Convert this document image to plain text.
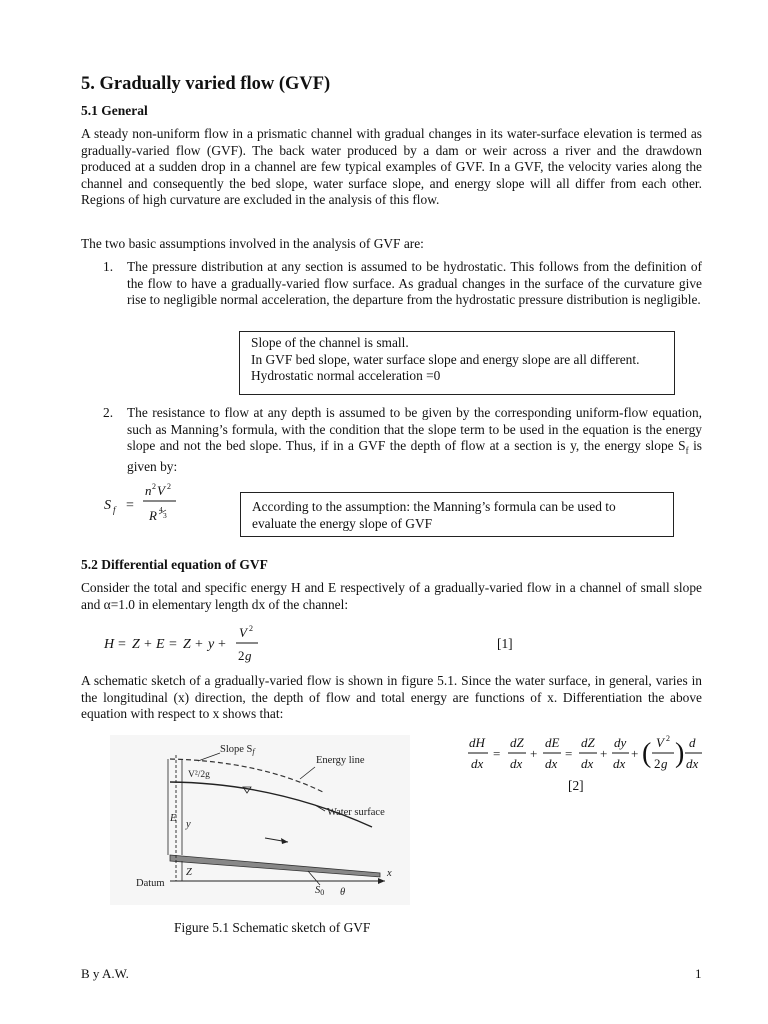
5. Gradually varied flow (GVF)
5.1 General
A steady non-uniform flow in a prismatic channel with gradual changes in its water-surface elevation is termed as gradually-varied flow (GVF). The back water produced by a dam or weir across a river and the drawdown produced at a sudden drop in a channel are few typical examples of GVF. In a GVF, the velocity varies along the channel and consequently the bed slope, water surface slope, and energy slope will all differ from each other. Regions of high curvature are excluded in the analysis of this flow.
The two basic assumptions involved in the analysis of GVF are:
1. The pressure distribution at any section is assumed to be hydrostatic. This follows from the definition of the flow to have a gradually-varied flow surface. As gradual changes in the surface of the curvature give rise to negligible normal acceleration, the departure from the hydrostatic pressure distribution is negligible.
Slope of the channel is small.
In GVF bed slope, water surface slope and energy slope are all different. Hydrostatic normal acceleration =0
2. The resistance to flow at any depth is assumed to be given by the corresponding uniform-flow equation, such as Manning’s formula, with the condition that the slope term to be used in the equation is the energy slope and not the bed slope. Thus, if in a GVF the depth of flow at a section is y, the energy slope $S_f$ is given by:
S f =
n 2 V 2
R 4
3
According to the assumption: the Manning’s formula can be used to evaluate the energy slope of GVF
5.2 Differential equation of GVF
Consider the total and specific energy H and E respectively of a gradually-varied flow in a channel of small slope and α=1.0 in elementary length dx of the channel:
H = Z + E = Z + y +
V 2
2 g
[1]
A schematic sketch of a gradually-varied flow is shown in figure 5.1. Since the water surface, in general, varies in the longitudinal (x) direction, the depth of flow and total energy are functions of x. Differentiation the above equation with respect to x shows that:
dH
dx
=
dZ
dx
+
dE
dx
=
dZ
dx
+
dy
dx
+ ( V 2
2 g ) d
dx
[2]
Slope Sf
Energy line
V²/2g
Water surface
E
y
Z
Datum
S0 θ
x
Figure 5.1 Schematic sketch of GVF
B y A.W.	1
